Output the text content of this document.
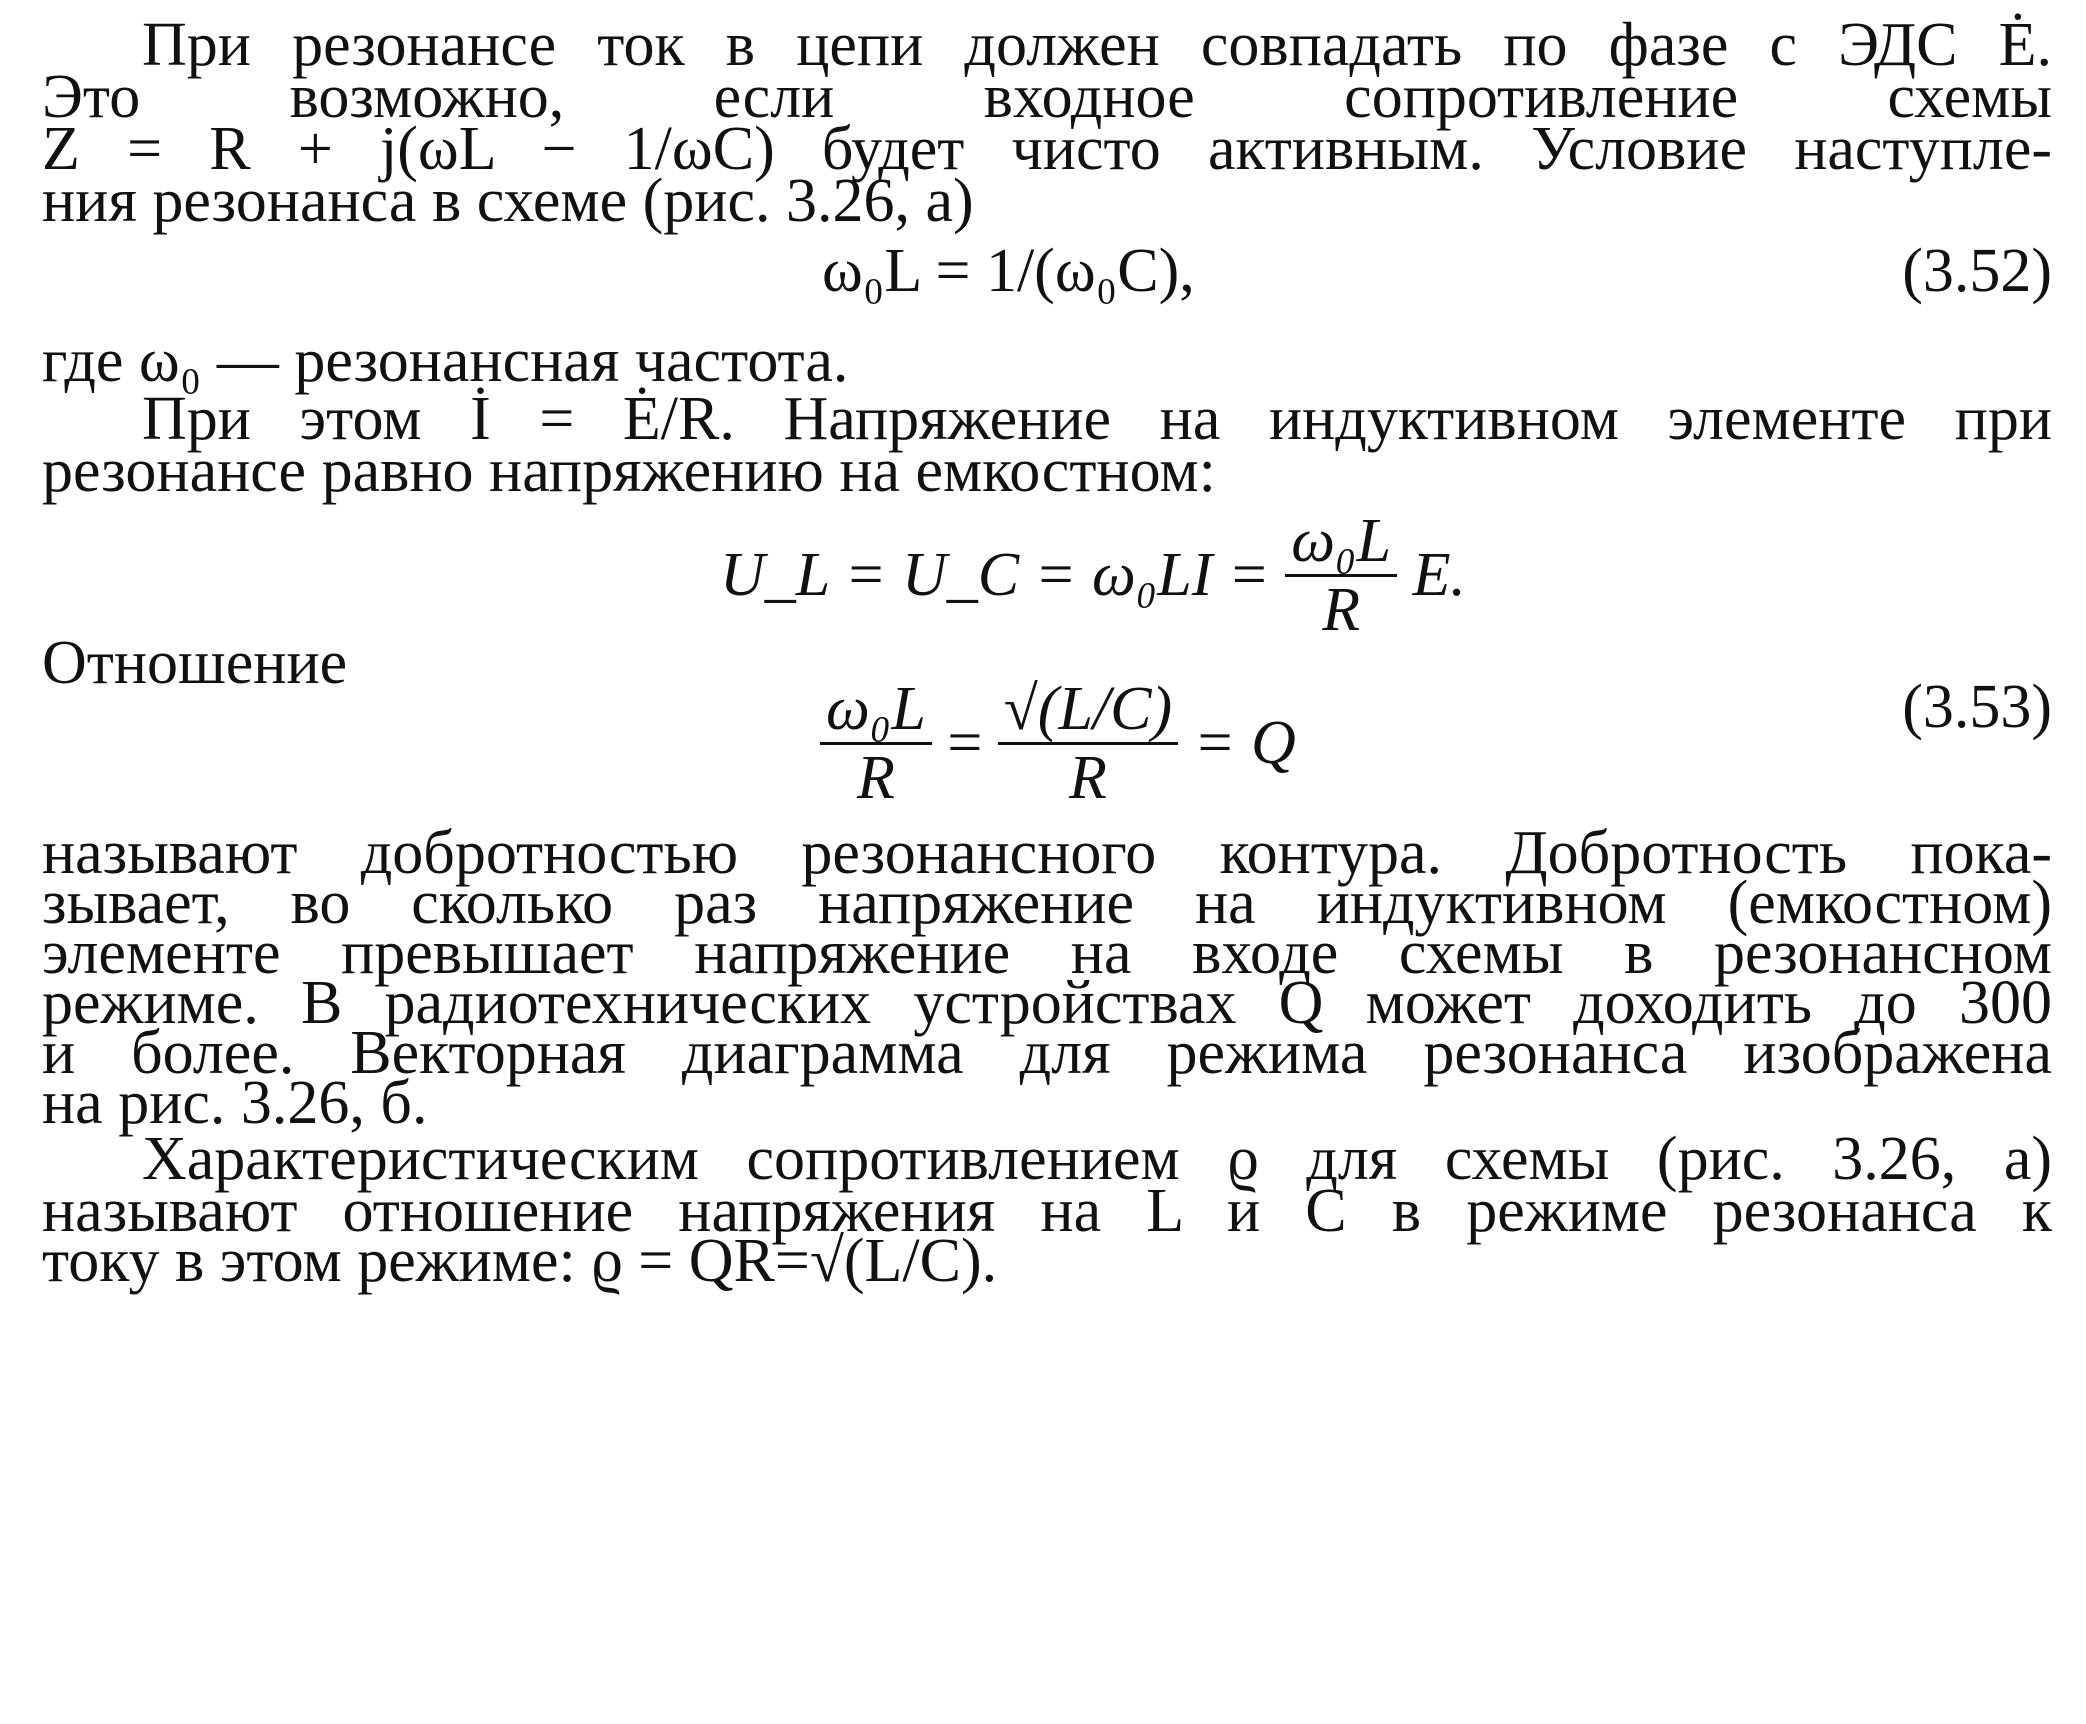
При резонансе ток в цепи должен совпадать по фазе с ЭДС Ė.
Это возможно, если входное сопротивление схемы
Z = R + j(ωL − 1/ωC) будет чисто активным. Условие наступле-
ния резонанса в схеме (рис. 3.26, а)
ω₀L = 1/(ω₀C),	(3.52)
где ω₀ — резонансная частота.
При этом İ = Ė/R. Напряжение на индуктивном элементе при
резонансе равно напряжению на емкостном:
U_L = U_C = $\omega_0LI = \frac{\text{ω₀L}}{R} E$.
Отношение
$\frac{\text{ω₀L}}{R} = \frac{√(L/C)}{R} = Q$
(3.53)
называют добротностью резонансного контура. Добротность пока-
зывает, во сколько раз напряжение на индуктивном (емкостном)
элементе превышает напряжение на входе схемы в резонансном
режиме. В радиотехнических устройствах Q может доходить до 300
и более. Векторная диаграмма для режима резонанса изображена
на рис. 3.26, б.
Характеристическим сопротивлением ϱ для схемы (рис. 3.26, а)
называют отношение напряжения на L и C в режиме резонанса к
току в этом режиме: ϱ = QR=√(L/C).
